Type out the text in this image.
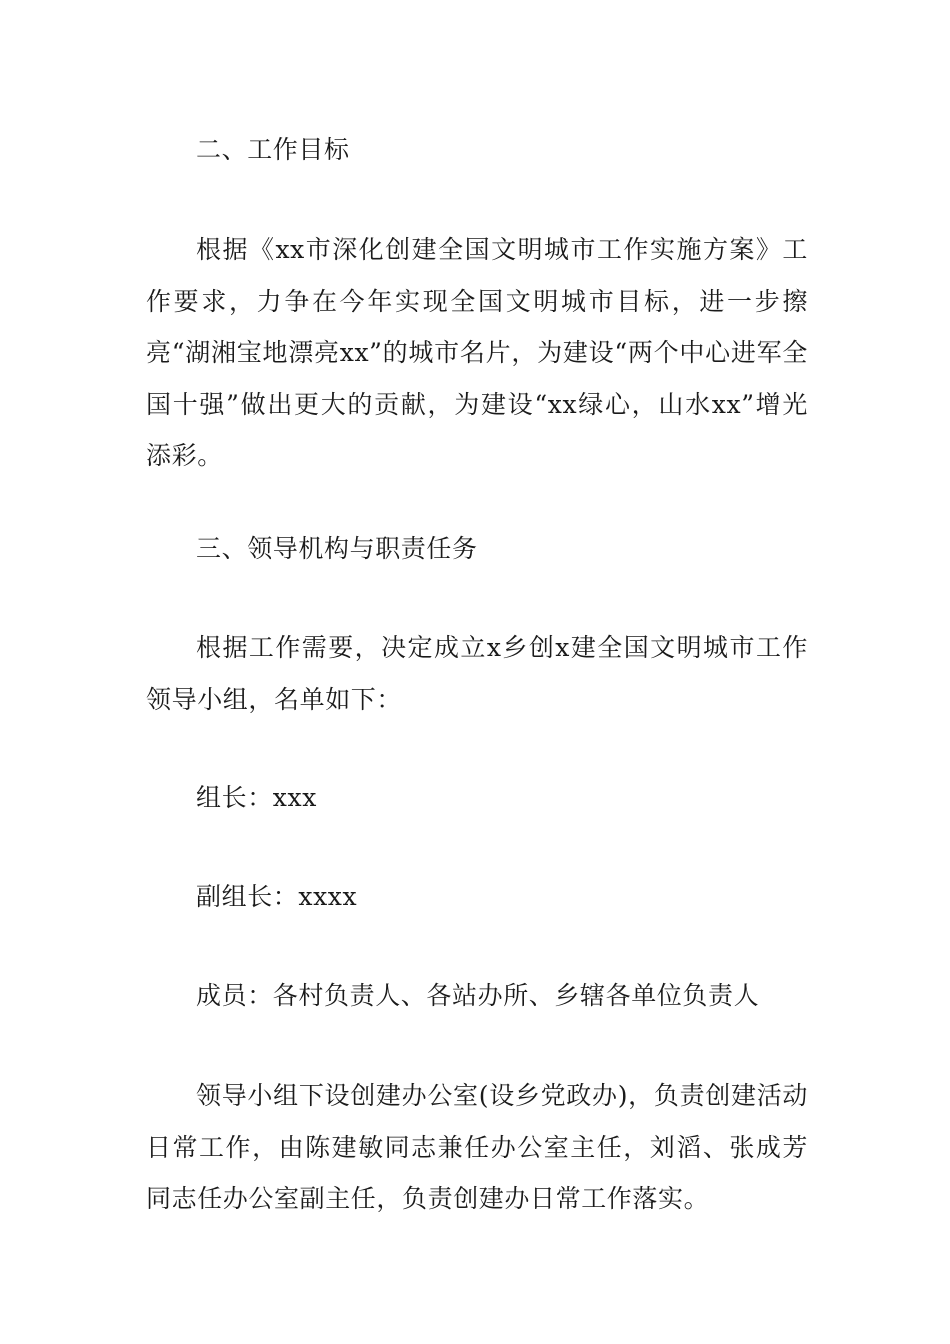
二、工作目标

根据《xx市深化创建全国文明城市工作实施方案》工作要求，力争在今年实现全国文明城市目标，进一步擦亮“湖湘宝地漂亮xx”的城市名片，为建设“两个中心进军全国十强”做出更大的贡献，为建设“xx绿心，山水xx”增光添彩。

三、领导机构与职责任务

根据工作需要，决定成立x乡创x建全国文明城市工作领导小组，名单如下：

组长：xxx

副组长：xxxx

成员：各村负责人、各站办所、乡辖各单位负责人

领导小组下设创建办公室(设乡党政办)，负责创建活动日常工作，由陈建敏同志兼任办公室主任，刘滔、张成芳同志任办公室副主任，负责创建办日常工作落实。
